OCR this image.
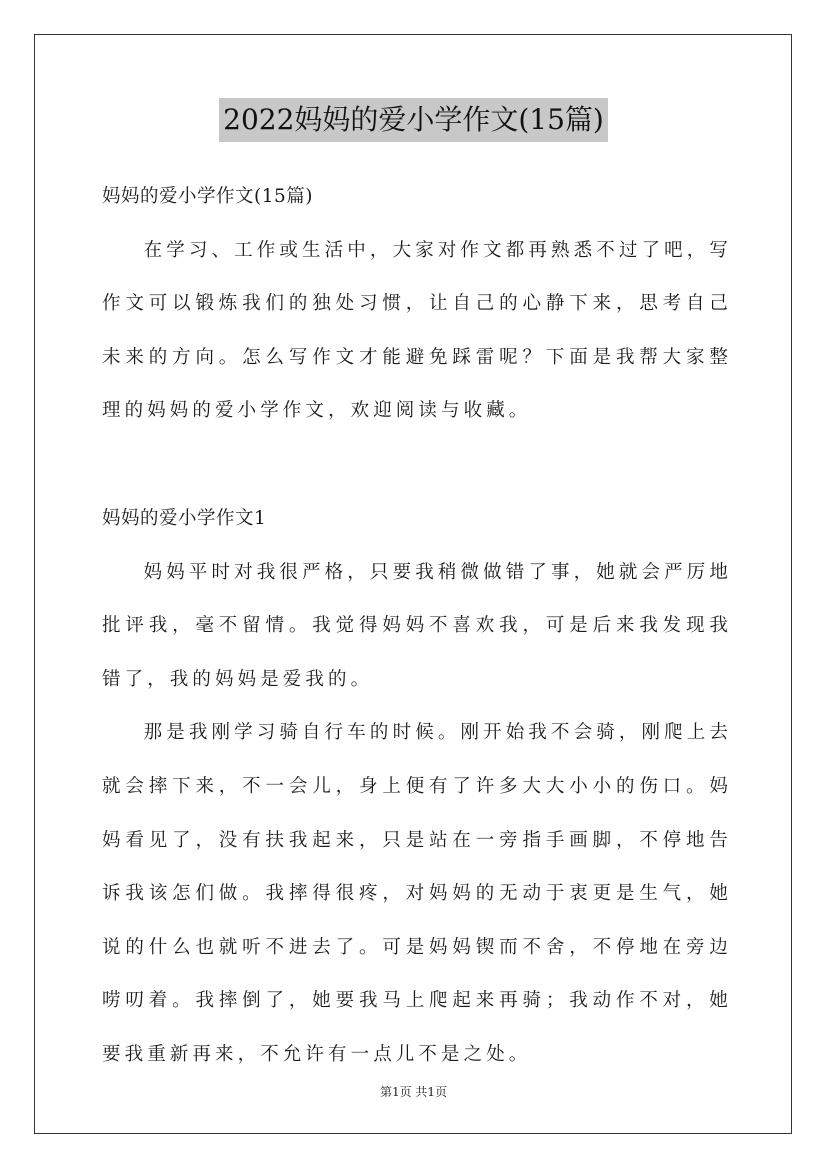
2022妈妈的爱小学作文(15篇)

妈妈的爱小学作文(15篇)

在学习、工作或生活中，大家对作文都再熟悉不过了吧，写作文可以锻炼我们的独处习惯，让自己的心静下来，思考自己未来的方向。怎么写作文才能避免踩雷呢？下面是我帮大家整理的妈妈的爱小学作文，欢迎阅读与收藏。

妈妈的爱小学作文1

妈妈平时对我很严格，只要我稍微做错了事，她就会严厉地批评我，毫不留情。我觉得妈妈不喜欢我，可是后来我发现我错了，我的妈妈是爱我的。

那是我刚学习骑自行车的时候。刚开始我不会骑，刚爬上去就会摔下来，不一会儿，身上便有了许多大大小小的伤口。妈妈看见了，没有扶我起来，只是站在一旁指手画脚，不停地告诉我该怎们做。我摔得很疼，对妈妈的无动于衷更是生气，她说的什么也就听不进去了。可是妈妈锲而不舍，不停地在旁边唠叨着。我摔倒了，她要我马上爬起来再骑；我动作不对，她要我重新再来，不允许有一点儿不是之处。

第1页 共1页
